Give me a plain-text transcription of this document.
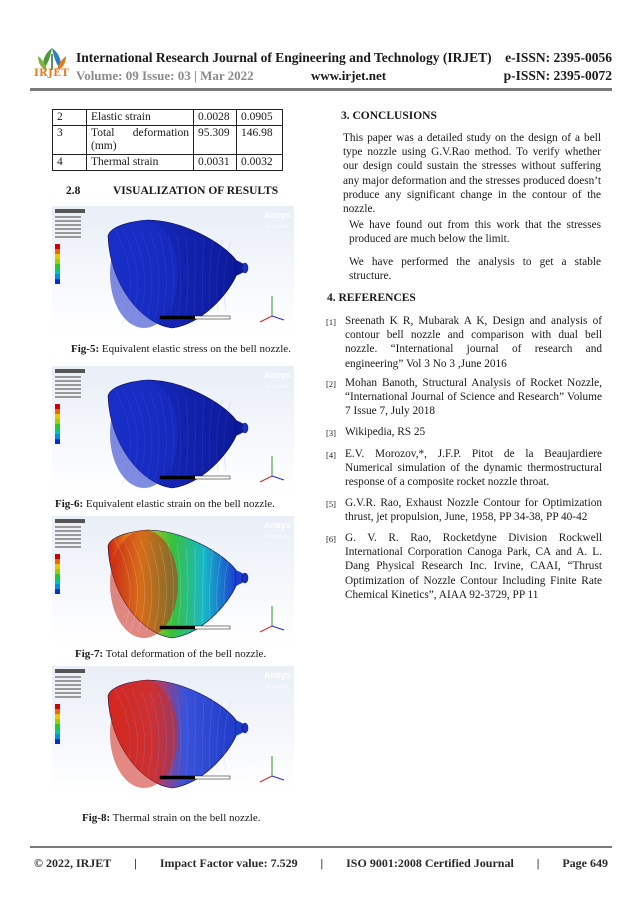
IRJET
International Research Journal of Engineering and Technology (IRJET) e-ISSN: 2395-0056
Volume: 09 Issue: 03 | Mar 2022	www.irjet.net	p-ISSN: 2395-0072
2	Elastic strain	0.0028	0.0905
3	Total deformation (mm)	95.309	146.98
4	Thermal strain	0.0031	0.0032
2.8	VISUALIZATION OF RESULTS
Ansys
STUDENT
Fig-5: Equivalent elastic stress on the bell nozzle.
Ansys
STUDENT
Fig-6: Equivalent elastic strain on the bell nozzle.
Ansys
STUDENT
Fig-7: Total deformation of the bell nozzle.
Ansys
STUDENT
Fig-8: Thermal strain on the bell nozzle.
3. CONCLUSIONS
This paper was a detailed study on the design of a bell type nozzle using G.V.Rao method. To verify whether our design could sustain the stresses without suffering any major deformation and the stresses produced doesn’t produce any significant change in the contour of the nozzle.
We have found out from this work that the stresses produced are much below the limit.
We have performed the analysis to get a stable structure.
4. REFERENCES
[1] Sreenath K R, Mubarak A K, Design and analysis of contour bell nozzle and comparison with dual bell nozzle. “International journal of research and engineering” Vol 3 No 3 ,June 2016
[2] Mohan Banoth, Structural Analysis of Rocket Nozzle, “International Journal of Science and Research” Volume 7 Issue 7, July 2018
[3] Wikipedia, RS 25
[4] E.V. Morozov,*, J.F.P. Pitot de la Beaujardiere Numerical simulation of the dynamic thermostructural response of a composite rocket nozzle throat.
[5] G.V.R. Rao, Exhaust Nozzle Contour for Optimization thrust, jet propulsion, June, 1958, PP 34-38, PP 40-42
[6] G. V. R. Rao, Rocketdyne Division Rockwell International Corporation Canoga Park, CA and A. L. Dang Physical Research Inc. Irvine, CAAI, “Thrust Optimization of Nozzle Contour Including Finite Rate Chemical Kinetics”, AIAA 92-3729, PP 11
© 2022, IRJET | Impact Factor value: 7.529 | ISO 9001:2008 Certified Journal | Page 649
